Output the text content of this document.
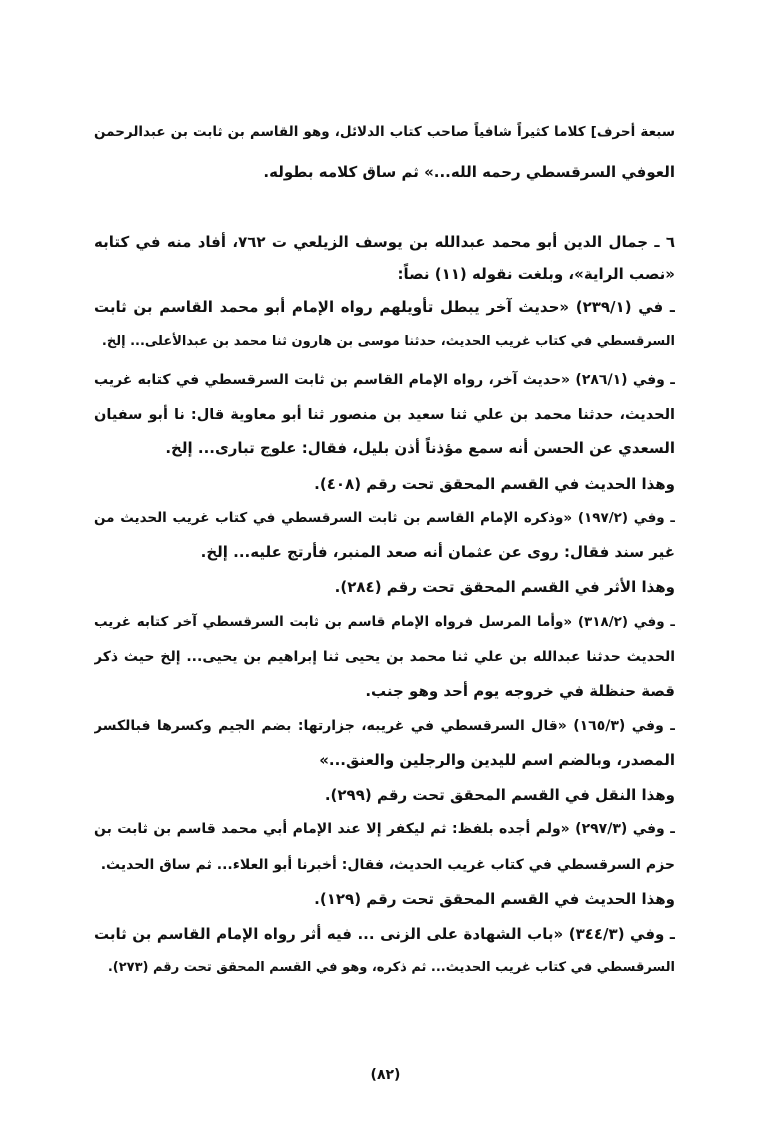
سبعة أحرف] كلاما كثيراً شافياً صاحب كتاب الدلائل، وهو القاسم بن ثابت بن عبدالرحمن
العوفي السرقسطي رحمه الله...» ثم ساق كلامه بطوله.
٦ ـ جمال الدين أبو محمد عبدالله بن يوسف الزيلعي ت ٧٦٢، أفاد منه في كتابه
«نصب الراية»، وبلغت نقوله (١١) نصاً:
ـ في (٢٣٩/١) «حديث آخر يبطل تأويلهم رواه الإمام أبو محمد القاسم بن ثابت
السرقسطي في كتاب غريب الحديث، حدثنا موسى بن هارون ثنا محمد بن عبدالأعلى... إلخ.
ـ وفي (٢٨٦/١) «حديث آخر، رواه الإمام القاسم بن ثابت السرقسطي في كتابه غريب
الحديث، حدثنا محمد بن علي ثنا سعيد بن منصور ثنا أبو معاوية قال: نا أبو سفيان
السعدي عن الحسن أنه سمع مؤذناً أذن بليل، فقال: علوج تبارى... إلخ.
وهذا الحديث في القسم المحقق تحت رقم (٤٠٨).
ـ وفي (١٩٧/٢) «وذكره الإمام القاسم بن ثابت السرقسطي في كتاب غريب الحديث من
غير سند فقال: روى عن عثمان أنه صعد المنبر، فأرتج عليه... إلخ.
وهذا الأثر في القسم المحقق تحت رقم (٢٨٤).
ـ وفي (٣١٨/٢) «وأما المرسل فرواه الإمام قاسم بن ثابت السرقسطي آخر كتابه غريب
الحديث حدثنا عبدالله بن علي ثنا محمد بن يحيى ثنا إبراهيم بن يحيى... إلخ حيث ذكر
قصة حنظلة في خروجه يوم أحد وهو جنب.
ـ وفي (١٦٥/٣) «قال السرقسطي في غريبه، جزارتها: بضم الجيم وكسرها فبالكسر
المصدر، وبالضم اسم لليدين والرجلين والعنق...»
وهذا النقل في القسم المحقق تحت رقم (٢٩٩).
ـ وفي (٢٩٧/٣) «ولم أجده بلفظ: ثم ليكفر إلا عند الإمام أبي محمد قاسم بن ثابت بن
حزم السرقسطي في كتاب غريب الحديث، فقال: أخبرنا أبو العلاء... ثم ساق الحديث.
وهذا الحديث في القسم المحقق تحت رقم (١٢٩).
ـ وفي (٣٤٤/٣) «باب الشهادة على الزنى ... فيه أثر رواه الإمام القاسم بن ثابت
السرقسطي في كتاب غريب الحديث... ثم ذكره، وهو في القسم المحقق تحت رقم (٢٧٣).
(٨٢)
